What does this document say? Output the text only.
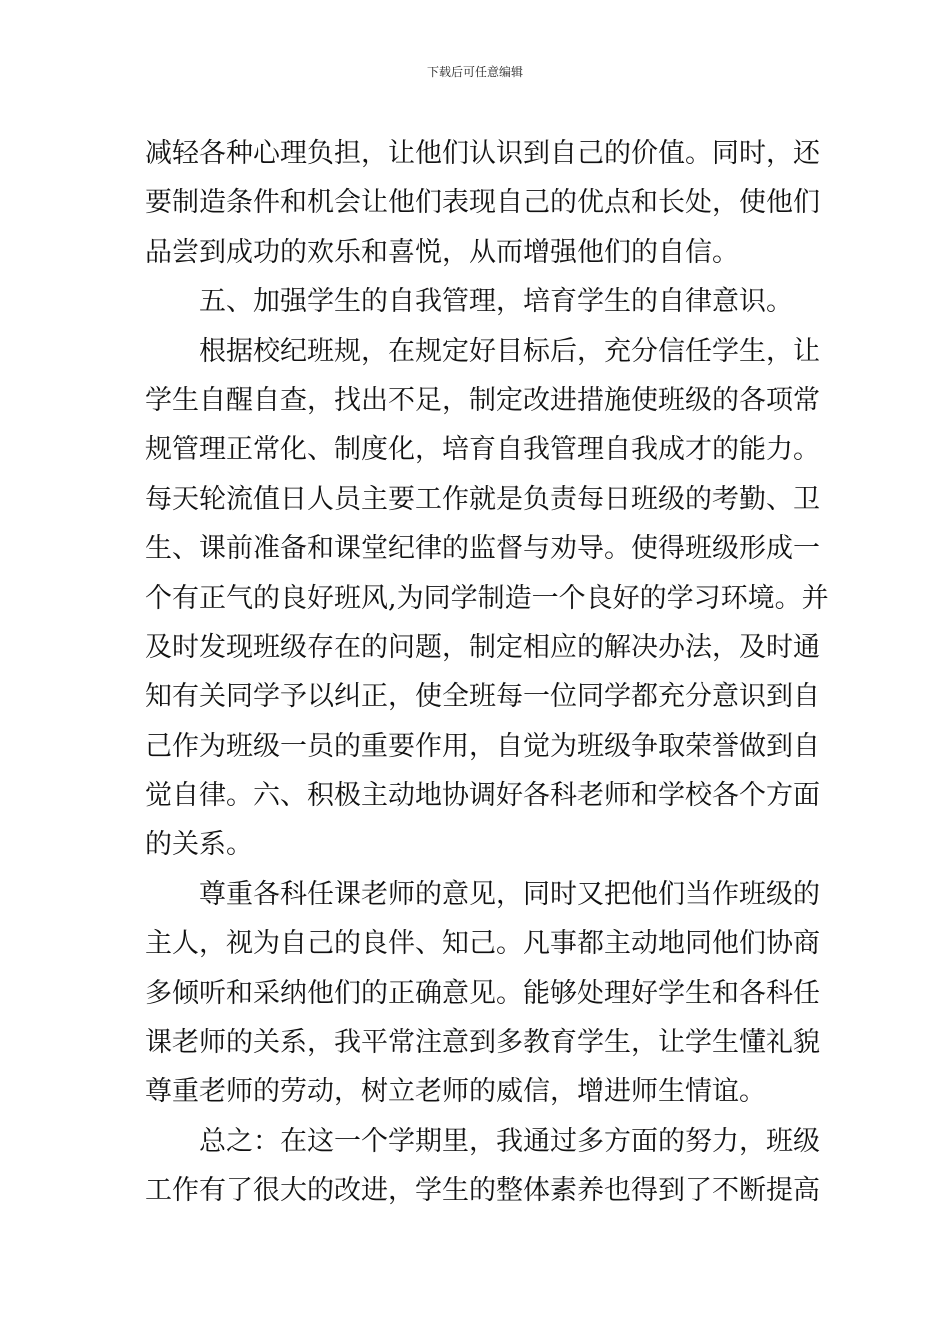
下载后可任意编辑
减轻各种心理负担，让他们认识到自己的价值。同时，还
要制造条件和机会让他们表现自己的优点和长处，使他们
品尝到成功的欢乐和喜悦，从而增强他们的自信。
五、加强学生的自我管理，培育学生的自律意识。
根据校纪班规，在规定好目标后，充分信任学生，让
学生自醒自查，找出不足，制定改进措施使班级的各项常
规管理正常化、制度化，培育自我管理自我成才的能力。
每天轮流值日人员主要工作就是负责每日班级的考勤、卫
生、课前准备和课堂纪律的监督与劝导。使得班级形成一
个有正气的良好班风,为同学制造一个良好的学习环境。并
及时发现班级存在的问题，制定相应的解决办法，及时通
知有关同学予以纠正，使全班每一位同学都充分意识到自
己作为班级一员的重要作用，自觉为班级争取荣誉做到自
觉自律。六、积极主动地协调好各科老师和学校各个方面
的关系。
尊重各科任课老师的意见，同时又把他们当作班级的
主人，视为自己的良伴、知己。凡事都主动地同他们协商
多倾听和采纳他们的正确意见。能够处理好学生和各科任
课老师的关系，我平常注意到多教育学生，让学生懂礼貌
尊重老师的劳动，树立老师的威信，增进师生情谊。
总之：在这一个学期里，我通过多方面的努力，班级
工作有了很大的改进，学生的整体素养也得到了不断提高
